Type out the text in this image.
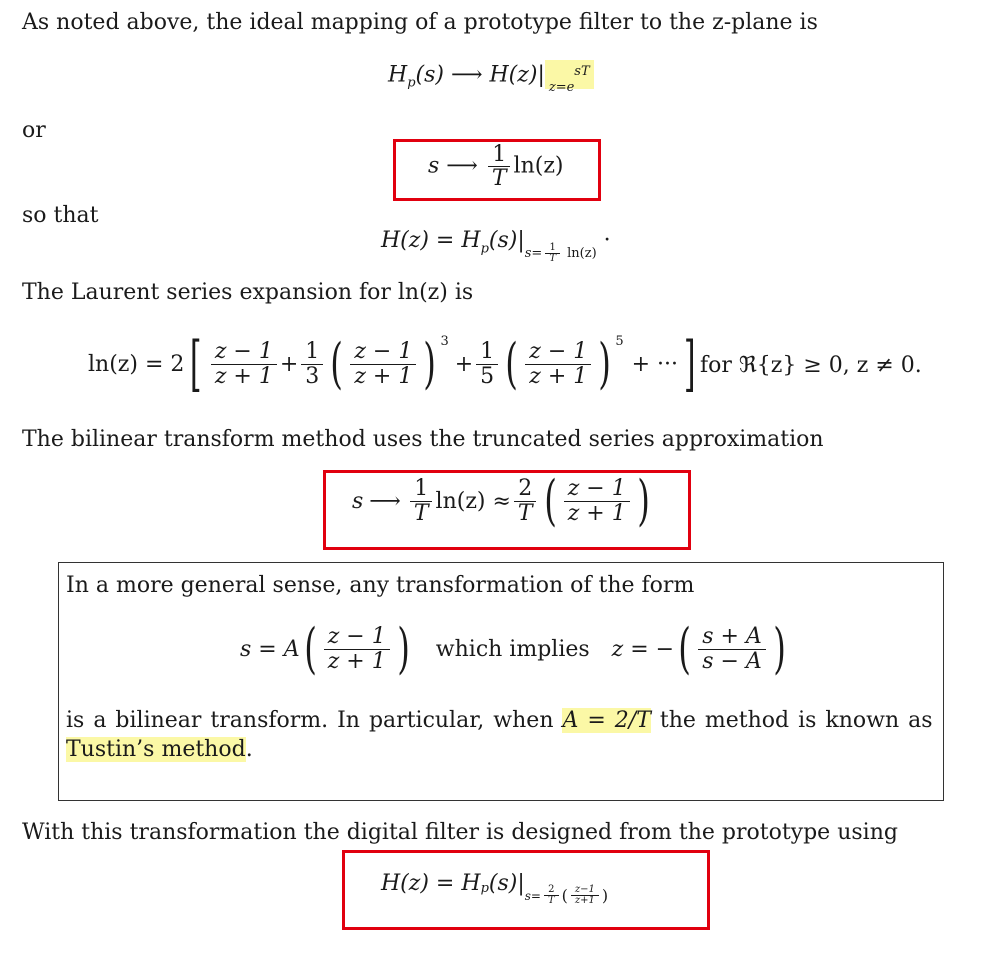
As noted above, the ideal mapping of a prototype filter to the z-plane is
$H_p(s)$ ⟶ $H(z)|_{z=e}^{sT}$
or
s ⟶ $\frac{1}{T} \ln(z)$
so that
$H(z) = H_p(s)|_{s= \frac{1}{T} ln(z)}$ ·
The Laurent series expansion for ln(z) is
ln(z) = 2 [ $\frac{z - 1}{z + 1} + \frac{1}{3}$ ( $\frac{z - 1}{z + 1}$ ) $^3$
+ $\frac{1}{5}$ ( $\frac{z - 1}{z + 1}$ ) $^5$
+ ··· ] for ℜ{z} ≥ 0, z ≠ 0.
The bilinear transform method uses the truncated series approximation
s ⟶ $\frac{1}{T} \ln(z) \approx \frac{2}{T}$ ( $\frac{z - 1}{z + 1}$ )
In a more general sense, any transformation of the form
s = A ( $\frac{z - 1}{z + 1}$ ) which implies z = − ( $\frac{s + A}{s - A}$ )
is a bilinear transform. In particular, when A = 2/T the method is known as
Tustin’s method.
With this transformation the digital filter is designed from the prototype using
$H(z) = H_p$ (s)| $s= \frac{2}{T}$ ( $\frac{z-1}{z+1}$ )
